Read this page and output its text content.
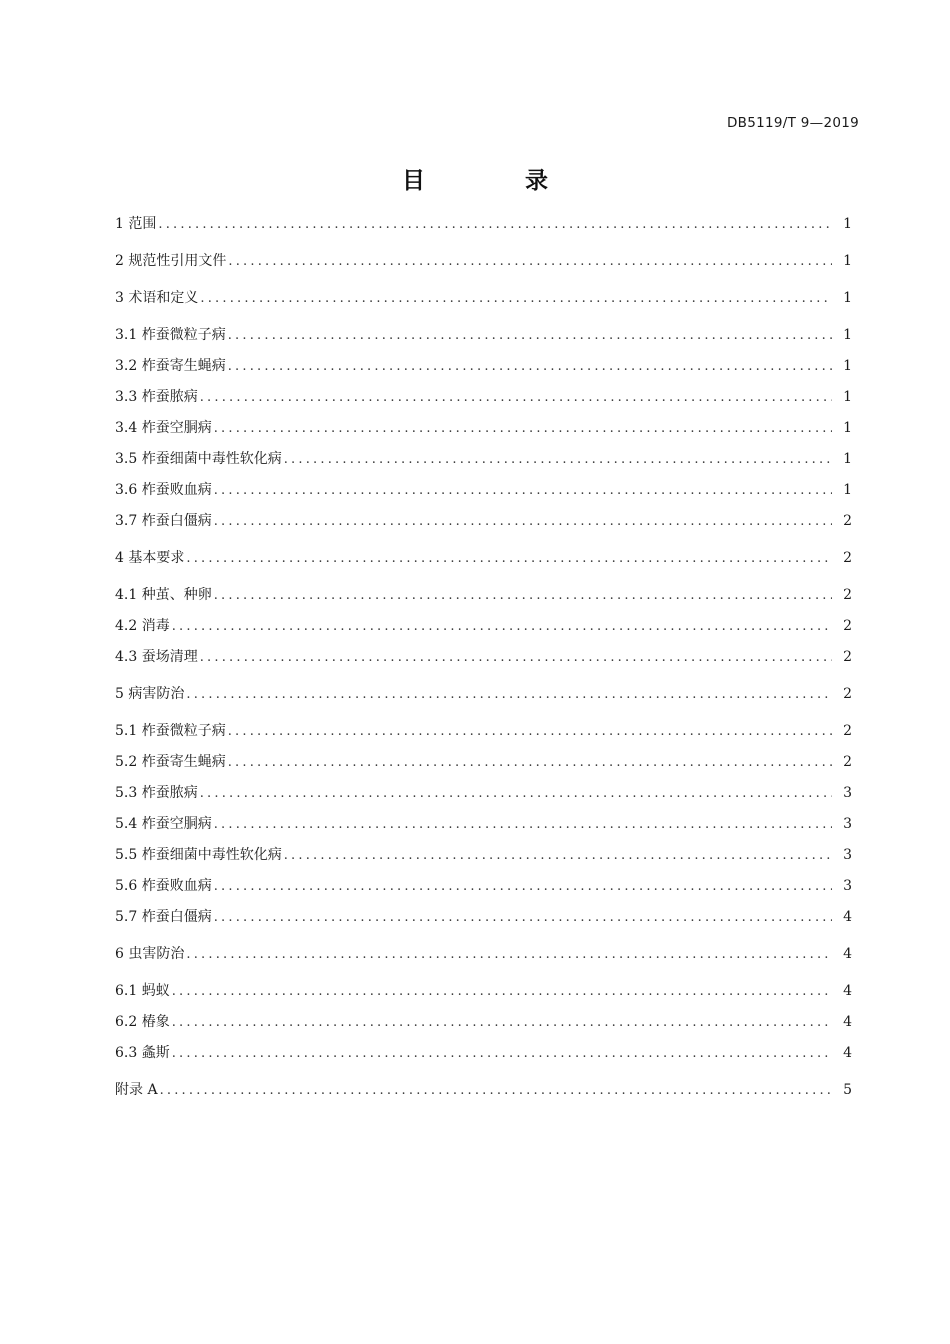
DB5119/T 9—2019
目 录
1 范围 .....	1
2 规范性引用文件 .....	1
3 术语和定义 .....	1
3.1 柞蚕微粒子病 .....	1
3.2 柞蚕寄生蝇病 .....	1
3.3 柞蚕脓病 .....	1
3.4 柞蚕空胴病 .....	1
3.5 柞蚕细菌中毒性软化病 .....	1
3.6 柞蚕败血病 .....	1
3.7 柞蚕白僵病 .....	2
4 基本要求 .....	2
4.1 种茧、种卵 .....	2
4.2 消毒 .....	2
4.3 蚕场清理 .....	2
5 病害防治 .....	2
5.1 柞蚕微粒子病 .....	2
5.2 柞蚕寄生蝇病 .....	2
5.3 柞蚕脓病 .....	3
5.4 柞蚕空胴病 .....	3
5.5 柞蚕细菌中毒性软化病 .....	3
5.6 柞蚕败血病 .....	3
5.7 柞蚕白僵病 .....	4
6 虫害防治 .....	4
6.1 蚂蚁 .....	4
6.2 椿象 .....	4
6.3 螽斯 .....	4
附录 A .....	5
